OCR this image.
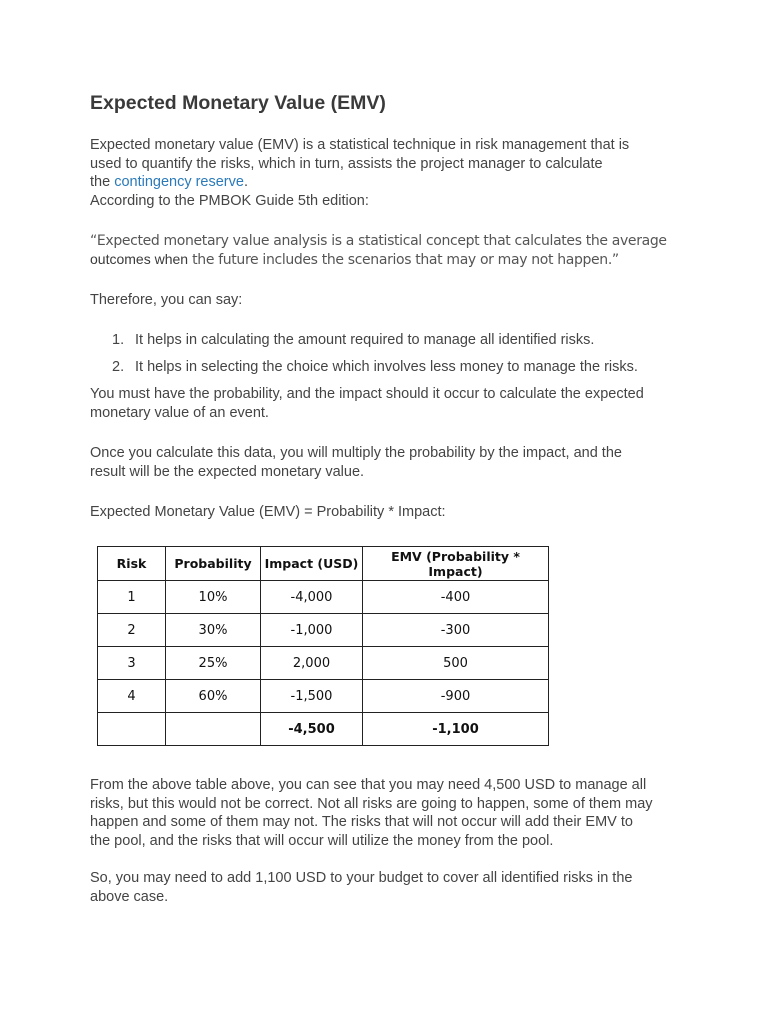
Expected Monetary Value (EMV)
Expected monetary value (EMV) is a statistical technique in risk management that is
used to quantify the risks, which in turn, assists the project manager to calculate
the contingency reserve.
According to the PMBOK Guide 5th edition:
“Expected monetary value analysis is a statistical concept that calculates the average
outcomes when the future includes the scenarios that may or may not happen.”
Therefore, you can say:
1. It helps in calculating the amount required to manage all identified risks.
2. It helps in selecting the choice which involves less money to manage the risks.
You must have the probability, and the impact should it occur to calculate the expected
monetary value of an event.
Once you calculate this data, you will multiply the probability by the impact, and the
result will be the expected monetary value.
Expected Monetary Value (EMV) = Probability * Impact:
Risk	Probability	Impact (USD)	EMV (Probability * Impact)
1	10%	-4,000	-400
2	30%	-1,000	-300
3	25%	2,000	500
4	60%	-1,500	-900
		-4,500	-1,100
From the above table above, you can see that you may need 4,500 USD to manage all
risks, but this would not be correct. Not all risks are going to happen, some of them may
happen and some of them may not. The risks that will not occur will add their EMV to
the pool, and the risks that will occur will utilize the money from the pool.
So, you may need to add 1,100 USD to your budget to cover all identified risks in the
above case.
